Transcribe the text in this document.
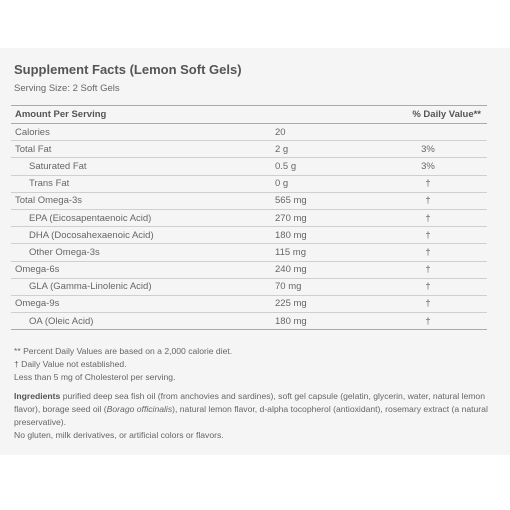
Supplement Facts (Lemon Soft Gels)
Serving Size: 2 Soft Gels
Amount Per Serving		% Daily Value**
Calories	20	
Total Fat	2 g	3%
Saturated Fat	0.5 g	3%
Trans Fat	0 g	†
Total Omega-3s	565 mg	†
EPA (Eicosapentaenoic Acid)	270 mg	†
DHA (Docosahexaenoic Acid)	180 mg	†
Other Omega-3s	115 mg	†
Omega-6s	240 mg	†
GLA (Gamma-Linolenic Acid)	70 mg	†
Omega-9s	225 mg	†
OA (Oleic Acid)	180 mg	†

** Percent Daily Values are based on a 2,000 calorie diet.

† Daily Value not established.

Less than 5 mg of Cholesterol per serving.

Ingredients purified deep sea fish oil (from anchovies and sardines), soft gel capsule (gelatin, glycerin, water, natural lemon flavor), borage seed oil (Borago officinalis), natural lemon flavor, d-alpha tocopherol (antioxidant), rosemary extract (a natural preservative).

No gluten, milk derivatives, or artificial colors or flavors.
